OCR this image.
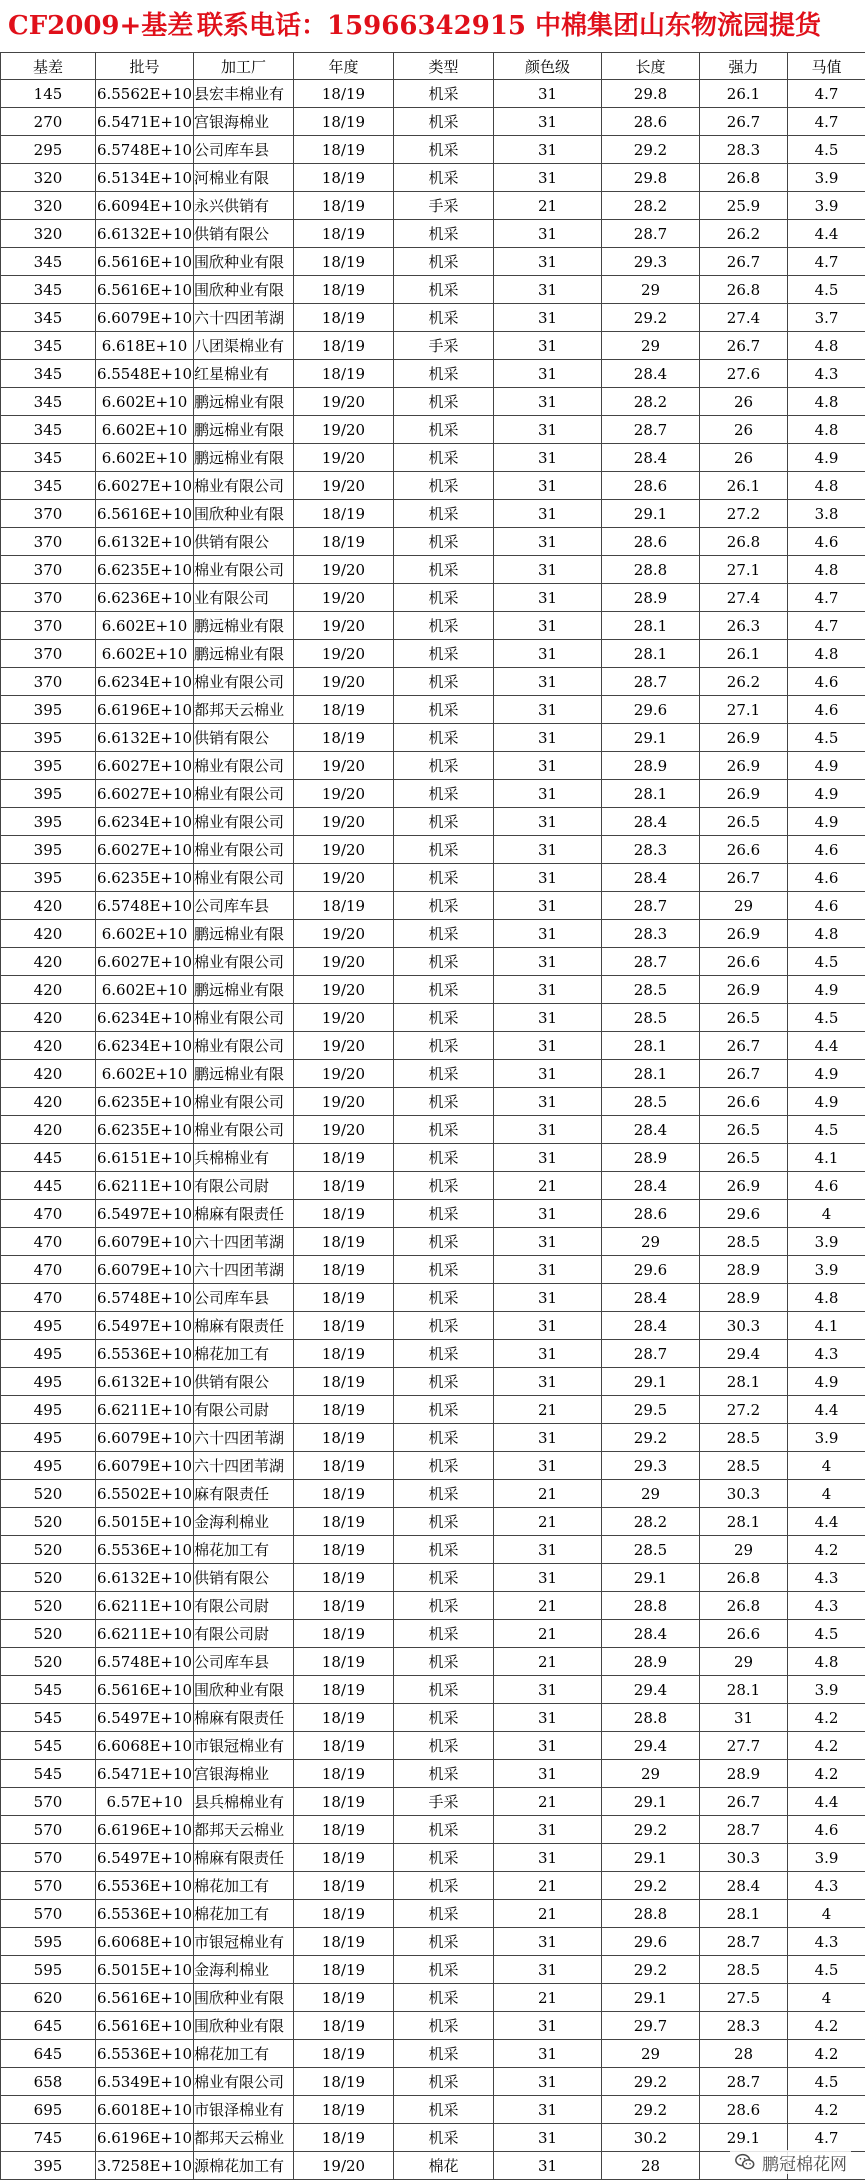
CF2009+基差 联系电话：15966342915 中棉集团山东物流园提货
基差	批号	加工厂	年度	类型	颜色级	长度	强力	马值
145	6.5562E+10	县宏丰棉业有	18/19	机采	31	29.8	26.1	4.7
270	6.5471E+10	宫银海棉业	18/19	机采	31	28.6	26.7	4.7
295	6.5748E+10	公司库车县	18/19	机采	31	29.2	28.3	4.5
320	6.5134E+10	河棉业有限	18/19	机采	31	29.8	26.8	3.9
320	6.6094E+10	永兴供销有	18/19	手采	21	28.2	25.9	3.9
320	6.6132E+10	供销有限公	18/19	机采	31	28.7	26.2	4.4
345	6.5616E+10	围欣种业有限	18/19	机采	31	29.3	26.7	4.7
345	6.5616E+10	围欣种业有限	18/19	机采	31	29	26.8	4.5
345	6.6079E+10	六十四团苇湖	18/19	机采	31	29.2	27.4	3.7
345	6.618E+10	八团渠棉业有	18/19	手采	31	29	26.7	4.8
345	6.5548E+10	红星棉业有	18/19	机采	31	28.4	27.6	4.3
345	6.602E+10	鹏远棉业有限	19/20	机采	31	28.2	26	4.8
345	6.602E+10	鹏远棉业有限	19/20	机采	31	28.7	26	4.8
345	6.602E+10	鹏远棉业有限	19/20	机采	31	28.4	26	4.9
345	6.6027E+10	棉业有限公司	19/20	机采	31	28.6	26.1	4.8
370	6.5616E+10	围欣种业有限	18/19	机采	31	29.1	27.2	3.8
370	6.6132E+10	供销有限公	18/19	机采	31	28.6	26.8	4.6
370	6.6235E+10	棉业有限公司	19/20	机采	31	28.8	27.1	4.8
370	6.6236E+10	业有限公司	19/20	机采	31	28.9	27.4	4.7
370	6.602E+10	鹏远棉业有限	19/20	机采	31	28.1	26.3	4.7
370	6.602E+10	鹏远棉业有限	19/20	机采	31	28.1	26.1	4.8
370	6.6234E+10	棉业有限公司	19/20	机采	31	28.7	26.2	4.6
395	6.6196E+10	都邦天云棉业	18/19	机采	31	29.6	27.1	4.6
395	6.6132E+10	供销有限公	18/19	机采	31	29.1	26.9	4.5
395	6.6027E+10	棉业有限公司	19/20	机采	31	28.9	26.9	4.9
395	6.6027E+10	棉业有限公司	19/20	机采	31	28.1	26.9	4.9
395	6.6234E+10	棉业有限公司	19/20	机采	31	28.4	26.5	4.9
395	6.6027E+10	棉业有限公司	19/20	机采	31	28.3	26.6	4.6
395	6.6235E+10	棉业有限公司	19/20	机采	31	28.4	26.7	4.6
420	6.5748E+10	公司库车县	18/19	机采	31	28.7	29	4.6
420	6.602E+10	鹏远棉业有限	19/20	机采	31	28.3	26.9	4.8
420	6.6027E+10	棉业有限公司	19/20	机采	31	28.7	26.6	4.5
420	6.602E+10	鹏远棉业有限	19/20	机采	31	28.5	26.9	4.9
420	6.6234E+10	棉业有限公司	19/20	机采	31	28.5	26.5	4.5
420	6.6234E+10	棉业有限公司	19/20	机采	31	28.1	26.7	4.4
420	6.602E+10	鹏远棉业有限	19/20	机采	31	28.1	26.7	4.9
420	6.6235E+10	棉业有限公司	19/20	机采	31	28.5	26.6	4.9
420	6.6235E+10	棉业有限公司	19/20	机采	31	28.4	26.5	4.5
445	6.6151E+10	兵棉棉业有	18/19	机采	31	28.9	26.5	4.1
445	6.6211E+10	有限公司尉	18/19	机采	21	28.4	26.9	4.6
470	6.5497E+10	棉麻有限责任	18/19	机采	31	28.6	29.6	4
470	6.6079E+10	六十四团苇湖	18/19	机采	31	29	28.5	3.9
470	6.6079E+10	六十四团苇湖	18/19	机采	31	29.6	28.9	3.9
470	6.5748E+10	公司库车县	18/19	机采	31	28.4	28.9	4.8
495	6.5497E+10	棉麻有限责任	18/19	机采	31	28.4	30.3	4.1
495	6.5536E+10	棉花加工有	18/19	机采	31	28.7	29.4	4.3
495	6.6132E+10	供销有限公	18/19	机采	31	29.1	28.1	4.9
495	6.6211E+10	有限公司尉	18/19	机采	21	29.5	27.2	4.4
495	6.6079E+10	六十四团苇湖	18/19	机采	31	29.2	28.5	3.9
495	6.6079E+10	六十四团苇湖	18/19	机采	31	29.3	28.5	4
520	6.5502E+10	麻有限责任	18/19	机采	21	29	30.3	4
520	6.5015E+10	金海利棉业	18/19	机采	21	28.2	28.1	4.4
520	6.5536E+10	棉花加工有	18/19	机采	31	28.5	29	4.2
520	6.6132E+10	供销有限公	18/19	机采	31	29.1	26.8	4.3
520	6.6211E+10	有限公司尉	18/19	机采	21	28.8	26.8	4.3
520	6.6211E+10	有限公司尉	18/19	机采	21	28.4	26.6	4.5
520	6.5748E+10	公司库车县	18/19	机采	21	28.9	29	4.8
545	6.5616E+10	围欣种业有限	18/19	机采	31	29.4	28.1	3.9
545	6.5497E+10	棉麻有限责任	18/19	机采	31	28.8	31	4.2
545	6.6068E+10	市银冠棉业有	18/19	机采	31	29.4	27.7	4.2
545	6.5471E+10	宫银海棉业	18/19	机采	31	29	28.9	4.2
570	6.57E+10	县兵棉棉业有	18/19	手采	21	29.1	26.7	4.4
570	6.6196E+10	都邦天云棉业	18/19	机采	31	29.2	28.7	4.6
570	6.5497E+10	棉麻有限责任	18/19	机采	31	29.1	30.3	3.9
570	6.5536E+10	棉花加工有	18/19	机采	21	29.2	28.4	4.3
570	6.5536E+10	棉花加工有	18/19	机采	21	28.8	28.1	4
595	6.6068E+10	市银冠棉业有	18/19	机采	31	29.6	28.7	4.3
595	6.5015E+10	金海利棉业	18/19	机采	31	29.2	28.5	4.5
620	6.5616E+10	围欣种业有限	18/19	机采	21	29.1	27.5	4
645	6.5616E+10	围欣种业有限	18/19	机采	31	29.7	28.3	4.2
645	6.5536E+10	棉花加工有	18/19	机采	31	29	28	4.2
658	6.5349E+10	棉业有限公司	18/19	机采	31	29.2	28.7	4.5
695	6.6018E+10	市银泽棉业有	18/19	机采	31	29.2	28.6	4.2
745	6.6196E+10	都邦天云棉业	18/19	机采	31	30.2	29.1	4.7
395	3.7258E+10	源棉花加工有	19/20	棉花	31	28			鹏冠棉花网
